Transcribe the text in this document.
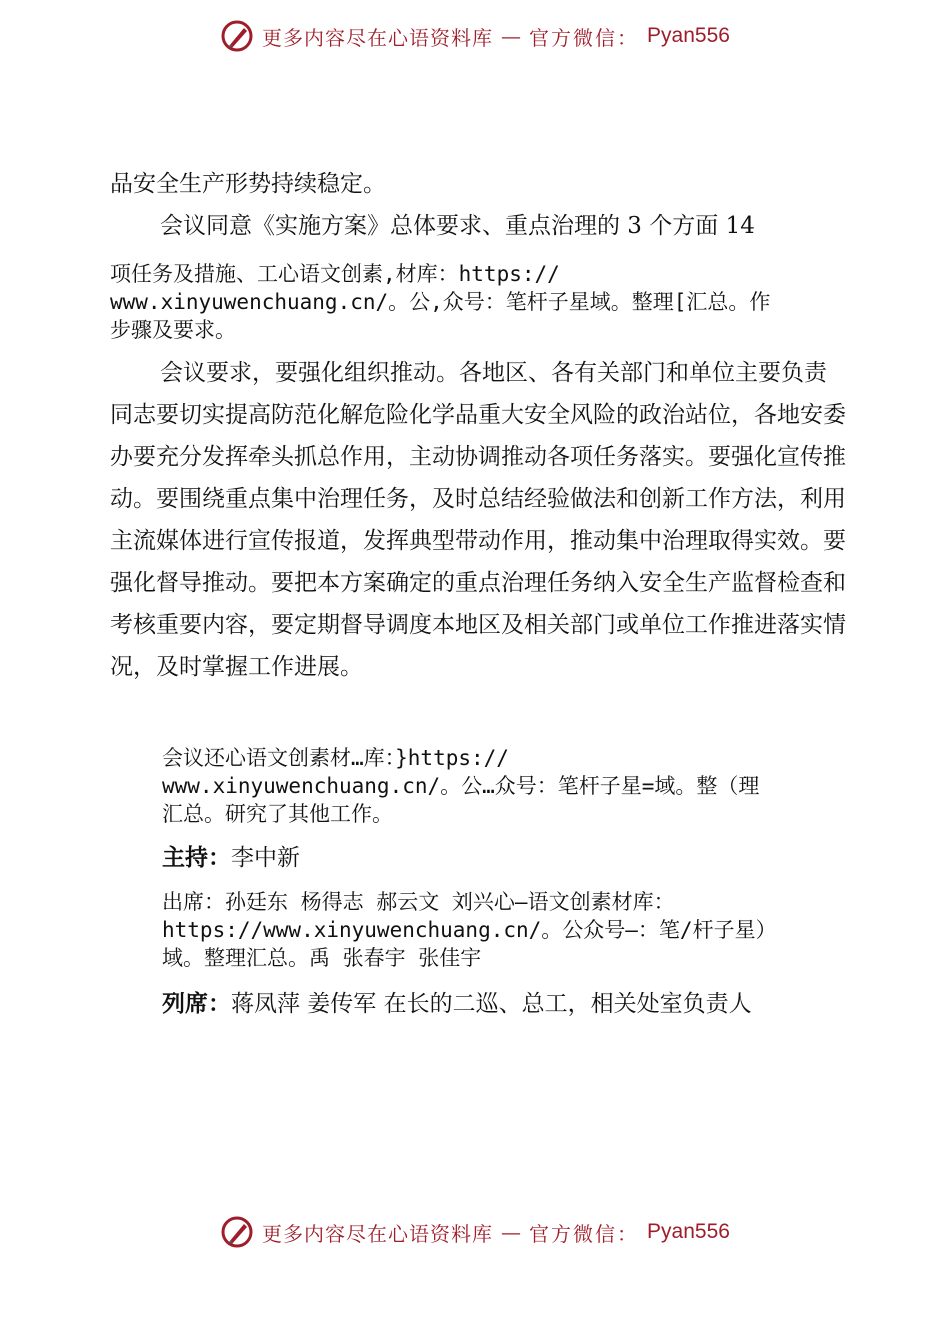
更多内容尽在心语资料库 — 官方微信： Pyan556

品安全生产形势持续稳定。

会议同意《实施方案》总体要求、重点治理的 3 个方面 14

项任务及措施、工心语文创素,材库：https://
www.xinyuwenchuang.cn/。公,众号：笔杆子星域。整理[汇总。作
步骤及要求。

会议要求，要强化组织推动。各地区、各有关部门和单位主要负责同志要切实提高防范化解危险化学品重大安全风险的政治站位，各地安委办要充分发挥牵头抓总作用，主动协调推动各项任务落实。要强化宣传推动。要围绕重点集中治理任务，及时总结经验做法和创新工作方法，利用主流媒体进行宣传报道，发挥典型带动作用，推动集中治理取得实效。要强化督导推动。要把本方案确定的重点治理任务纳入安全生产监督检查和考核重要内容，要定期督导调度本地区及相关部门或单位工作推进落实情况，及时掌握工作进展。

会议还心语文创素材…库：}https://
www.xinyuwenchuang.cn/。公…众号：笔杆子星=域。整（理
汇总。研究了其他工作。

主持：李中新

出席：孙廷东 杨得志 郝云文 刘兴心—语文创素材库：
https://www.xinyuwenchuang.cn/。公众号—：笔/杆子星）
域。整理汇总。禹 张春宇 张佳宇

列席：蒋凤萍 姜传军 在长的二巡、总工，相关处室负责人
更多内容尽在心语资料库 — 官方微信： Pyan556
